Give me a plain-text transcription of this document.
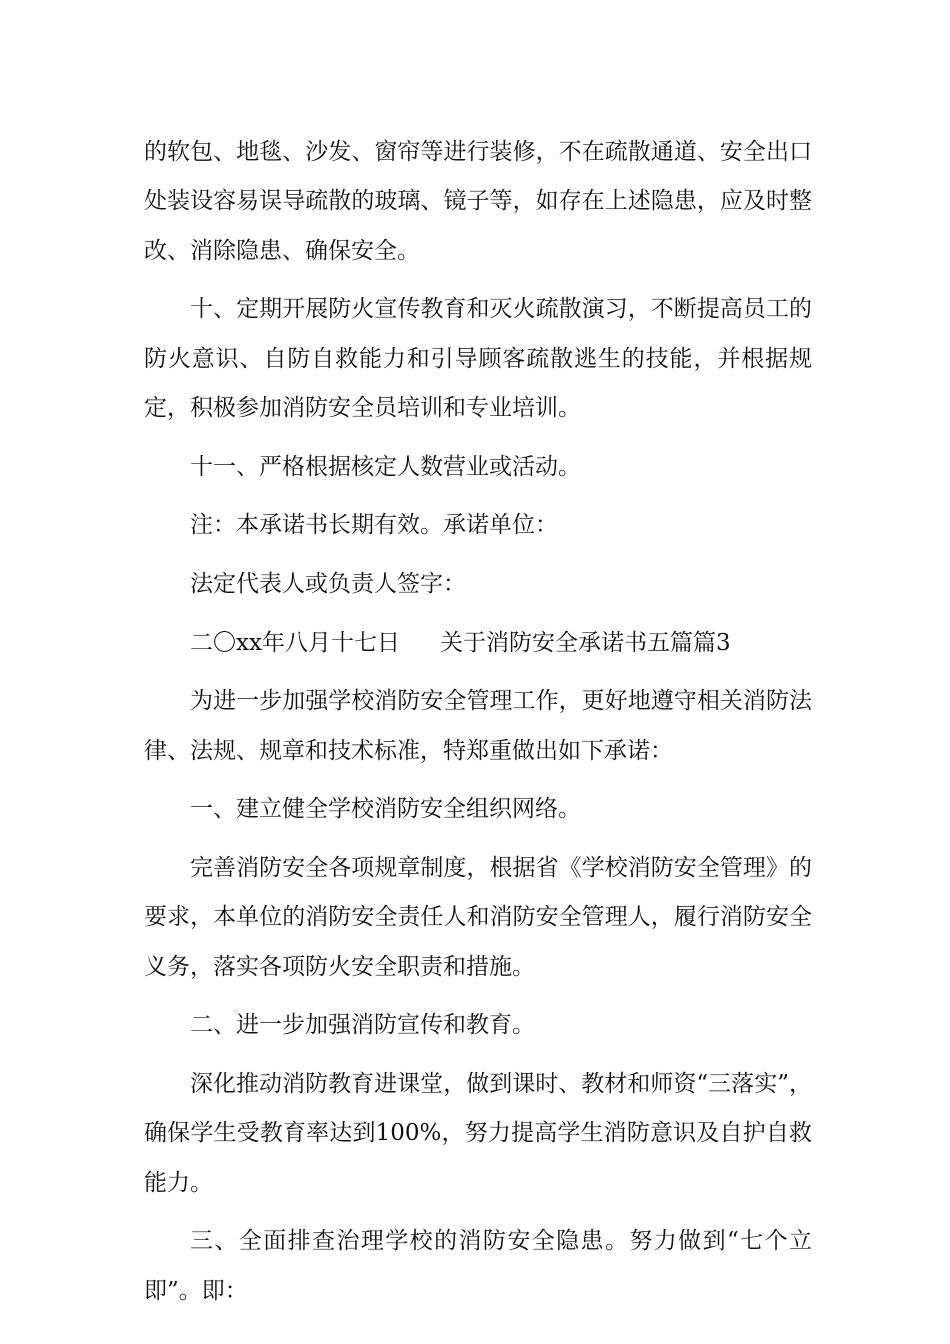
的软包、地毯、沙发、窗帘等进行装修，不在疏散通道、安全出口处装设容易误导疏散的玻璃、镜子等，如存在上述隐患，应及时整改、消除隐患、确保安全。

十、定期开展防火宣传教育和灭火疏散演习，不断提高员工的防火意识、自防自救能力和引导顾客疏散逃生的技能，并根据规定，积极参加消防安全员培训和专业培训。

十一、严格根据核定人数营业或活动。

注：本承诺书长期有效。承诺单位：

法定代表人或负责人签字：

二〇xx年八月十七日 关于消防安全承诺书五篇篇3

为进一步加强学校消防安全管理工作，更好地遵守相关消防法律、法规、规章和技术标准，特郑重做出如下承诺：

一、建立健全学校消防安全组织网络。

完善消防安全各项规章制度，根据省《学校消防安全管理》的要求，本单位的消防安全责任人和消防安全管理人，履行消防安全义务，落实各项防火安全职责和措施。

二、进一步加强消防宣传和教育。

深化推动消防教育进课堂，做到课时、教材和师资“三落实”，确保学生受教育率达到100%，努力提高学生消防意识及自护自救能力。

三、全面排查治理学校的消防安全隐患。努力做到“七个立即”。即：
